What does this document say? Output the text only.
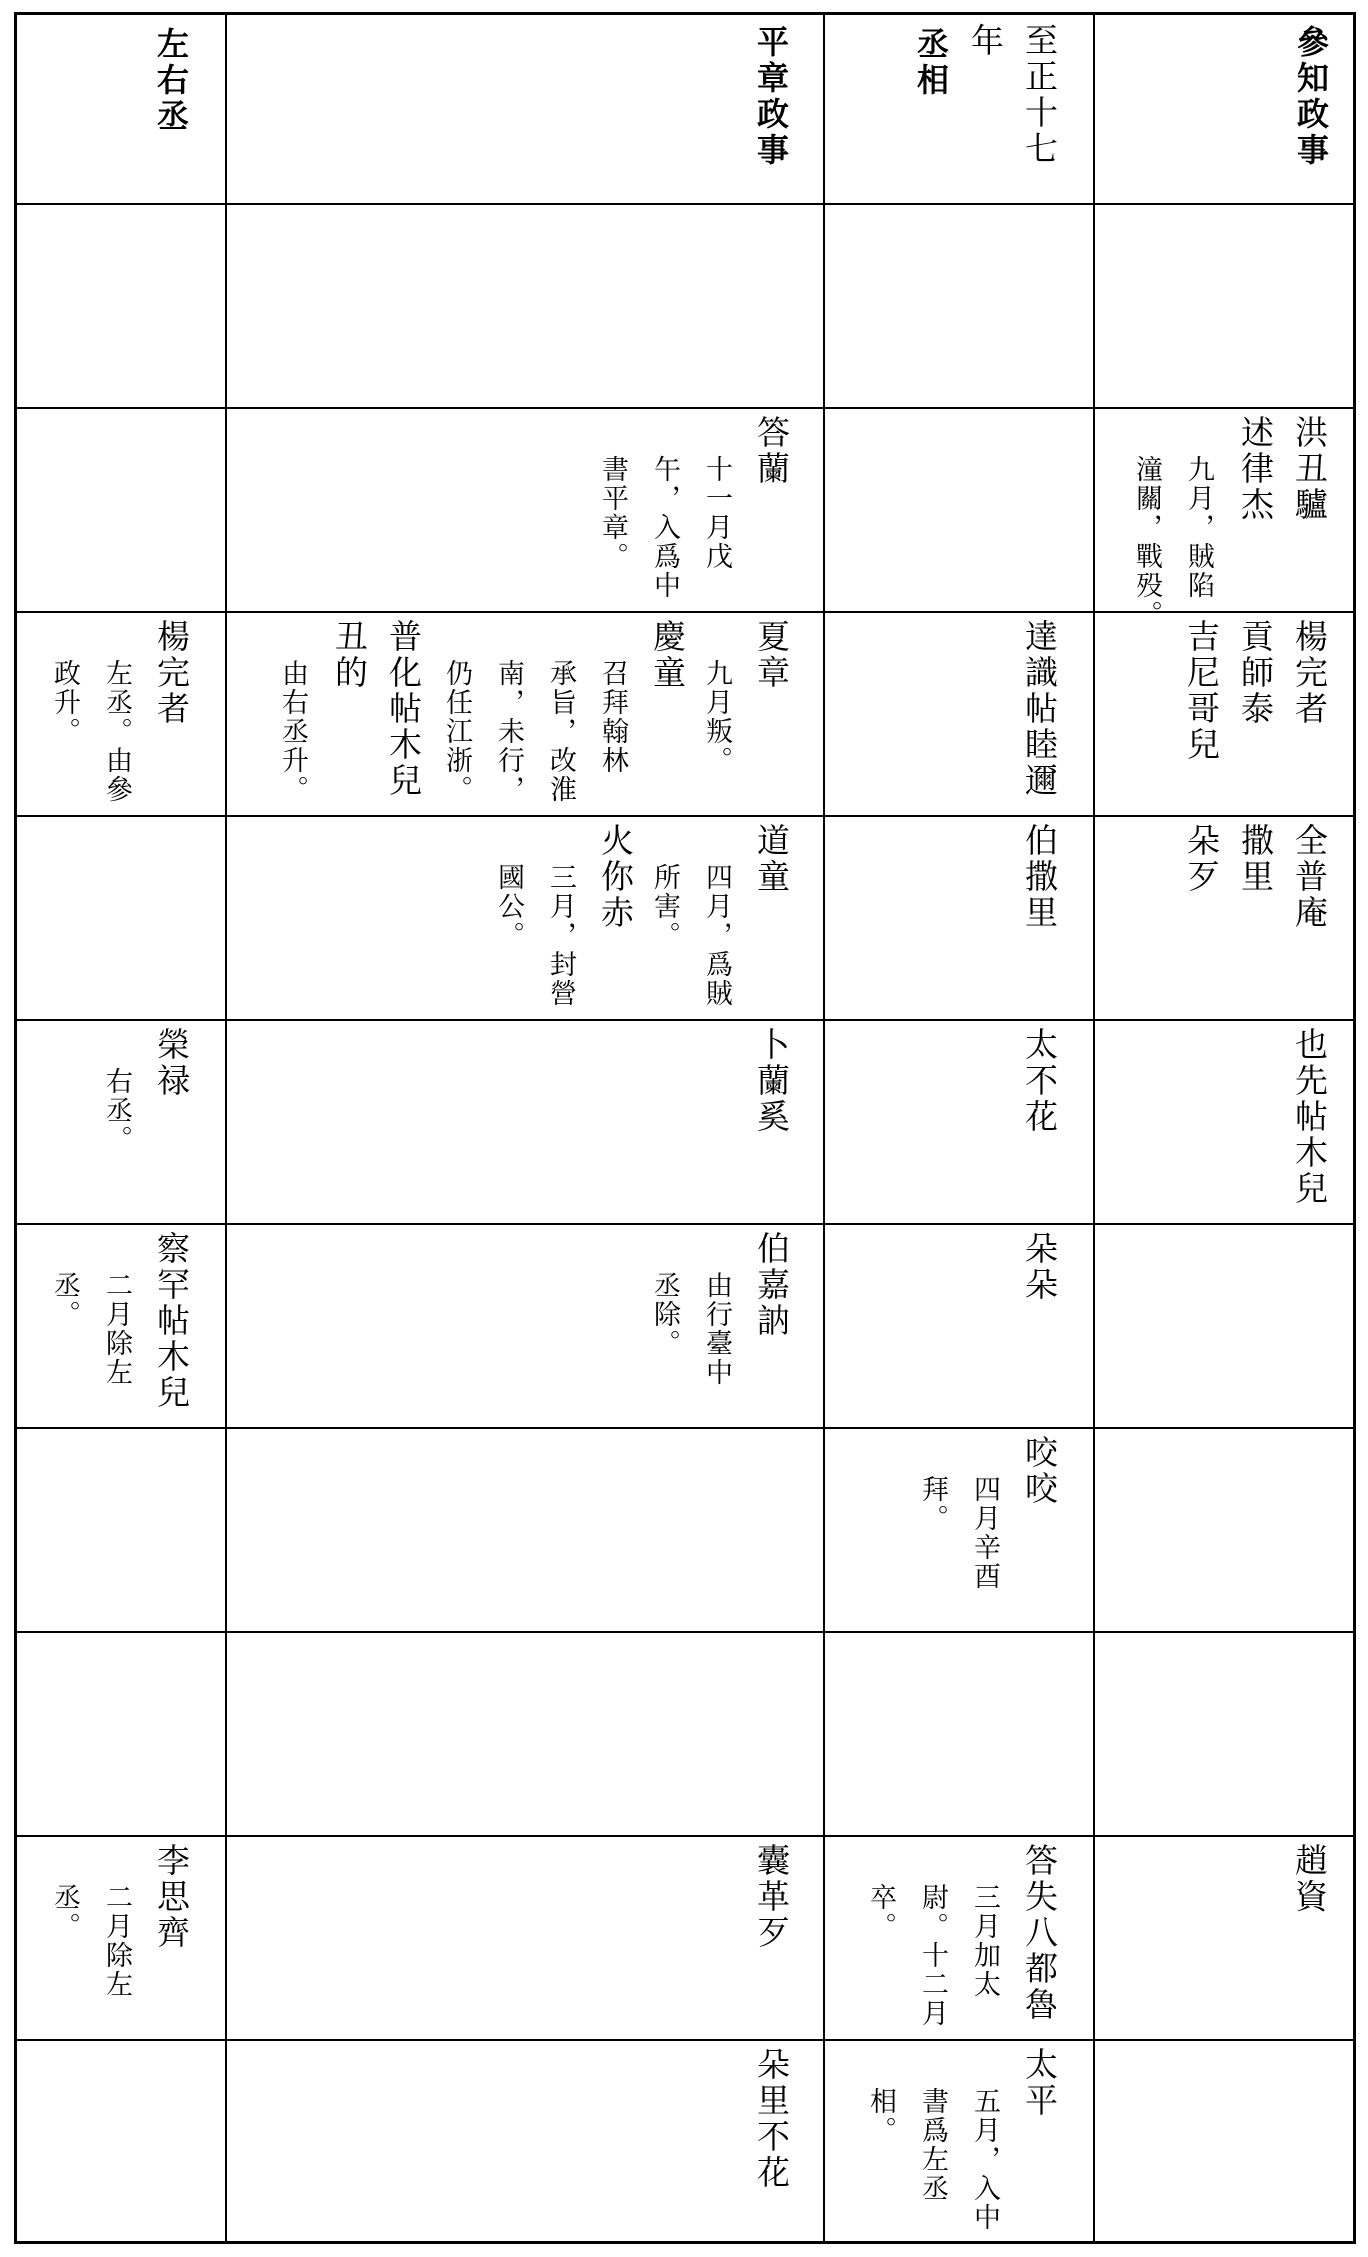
參知政事
至正十七
年
丞相
平章政事
左右丞
洪丑驢
述律杰
九月，賊陷
潼關，戰殁。
答蘭
十一月戊
午，入爲中
書平章。
楊完者
貢師泰
吉尼哥兒
達識帖睦邇
夏章
九月叛。
慶童
召拜翰林
承旨，改淮
南，未行，
仍任江浙。
普化帖木兒
丑的
由右丞升。
楊完者
左丞。由參
政升。
全普庵
撒里
朵歹
伯撒里
道童
四月，爲賊
所害。
火你赤
三月，封營
國公。
也先帖木兒
太不花
卜蘭奚
榮禄
右丞。
朵朵
伯嘉訥
由行臺中
丞除。
察罕帖木兒
二月除左
丞。
咬咬
四月辛酉
拜。
趙資
答失八都魯
三月加太
尉。十二月
卒。
囊革歹
李思齊
二月除左
丞。
太平
五月，入中
書爲左丞
相。
朵里不花
